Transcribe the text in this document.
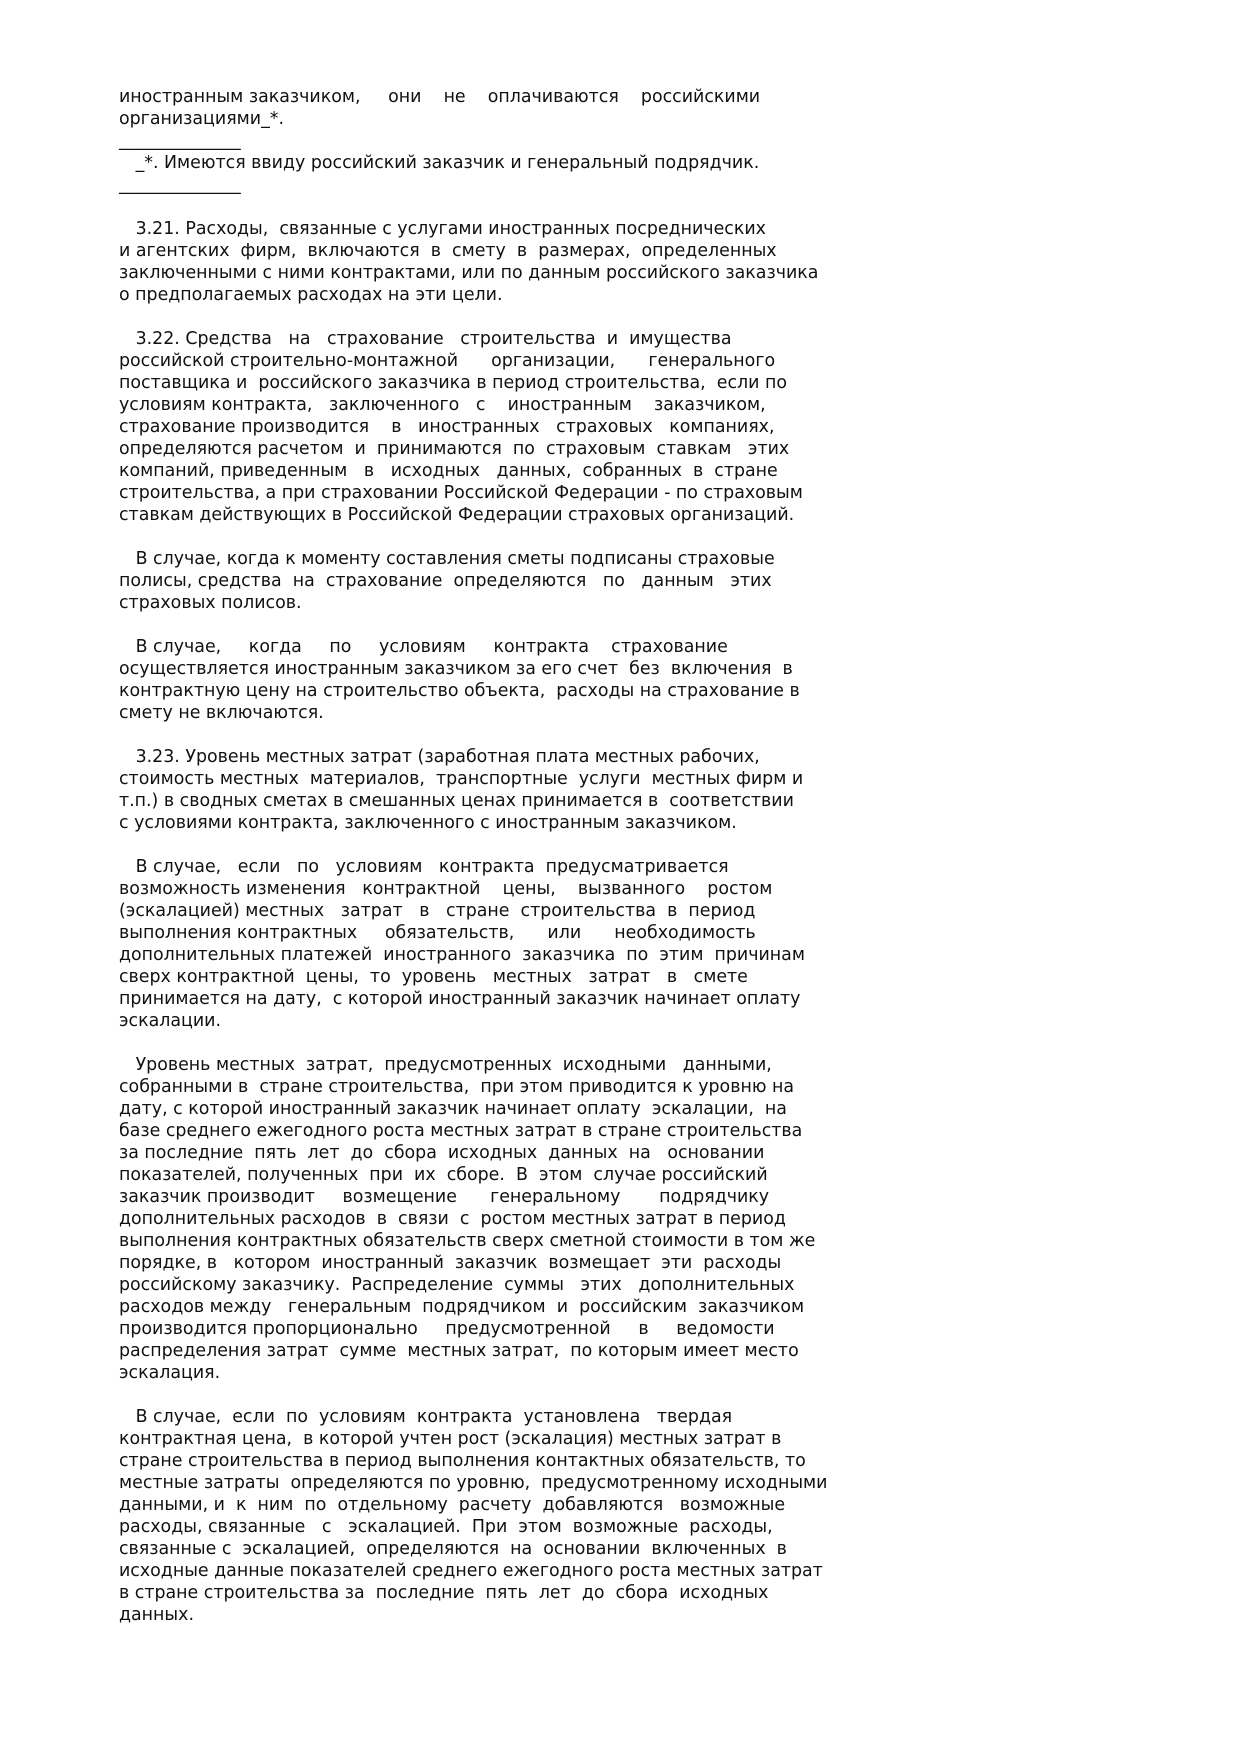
иностранным заказчиком,     они    не    оплачиваются    российскими
организациями_*.
______________
_*. Имеются ввиду российский заказчик и генеральный подрядчик.
______________
3.21. Расходы,  связанные с услугами иностранных посреднических
и агентских  фирм,  включаются  в  смету  в  размерах,  определенных
заключенными с ними контрактами, или по данным российского заказчика
о предполагаемых расходах на эти цели.
3.22. Средства   на   страхование   строительства  и  имущества
российской строительно-монтажной      организации,      генерального
поставщика и  российского заказчика в период строительства,  если по
условиям контракта,   заключенного   с    иностранным    заказчиком,
страхование производится    в   иностранных   страховых   компаниях,
определяются расчетом  и  принимаются  по  страховым  ставкам   этих
компаний, приведенным   в   исходных   данных,  собранных  в  стране
строительства, а при страховании Российской Федерации - по страховым
ставкам действующих в Российской Федерации страховых организаций.
В случае, когда к моменту составления сметы подписаны страховые
полисы, средства  на  страхование  определяются   по   данным   этих
страховых полисов.
В случае,     когда     по     условиям     контракта    страхование
осуществляется иностранным заказчиком за его счет  без  включения  в
контрактную цену на строительство объекта,  расходы на страхование в
смету не включаются.
3.23. Уровень местных затрат (заработная плата местных рабочих,
стоимость местных  материалов,  транспортные  услуги  местных фирм и
т.п.) в сводных сметах в смешанных ценах принимается в  соответствии
с условиями контракта, заключенного с иностранным заказчиком.
В случае,   если   по   условиям   контракта  предусматривается
возможность изменения   контрактной    цены,    вызванного    ростом
(эскалацией) местных   затрат   в   стране  строительства  в  период
выполнения контрактных     обязательств,      или      необходимость
дополнительных платежей  иностранного  заказчика  по  этим  причинам
сверх контрактной  цены,  то  уровень   местных   затрат   в   смете
принимается на дату,  с которой иностранный заказчик начинает оплату
эскалации.
Уровень местных  затрат,  предусмотренных  исходными   данными,
собранными в  стране строительства,  при этом приводится к уровню на
дату, с которой иностранный заказчик начинает оплату  эскалации,  на
базе среднего ежегодного роста местных затрат в стране строительства
за последние  пять  лет  до  сбора  исходных  данных  на   основании
показателей, полученных  при  их  сборе.  В  этом  случае российский
заказчик производит     возмещение      генеральному       подрядчику
дополнительных расходов  в  связи  с  ростом местных затрат в период
выполнения контрактных обязательств сверх сметной стоимости в том же
порядке, в   котором  иностранный  заказчик  возмещает  эти  расходы
российскому заказчику.  Распределение  суммы   этих   дополнительных
расходов между   генеральным  подрядчиком  и  российским  заказчиком
производится пропорционально     предусмотренной     в     ведомости
распределения затрат  сумме  местных затрат,  по которым имеет место
эскалация.
В случае,  если  по  условиям  контракта  установлена   твердая
контрактная цена,  в которой учтен рост (эскалация) местных затрат в
стране строительства в период выполнения контактных обязательств, то
местные затраты  определяются по уровню,  предусмотренному исходными
данными, и  к  ним  по  отдельному  расчету  добавляются   возможные
расходы, связанные   с   эскалацией.  При  этом  возможные  расходы,
связанные с  эскалацией,  определяются  на  основании  включенных  в
исходные данные показателей среднего ежегодного роста местных затрат
в стране строительства за  последние  пять  лет  до  сбора  исходных
данных.
